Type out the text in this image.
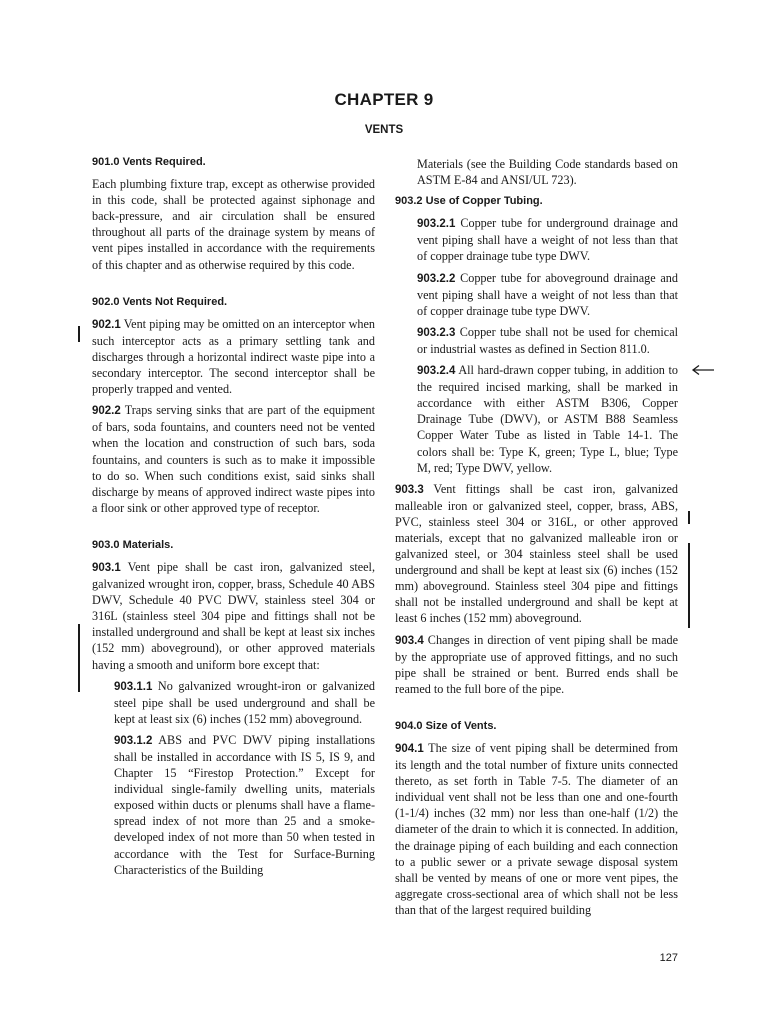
CHAPTER 9
VENTS
901.0 Vents Required.

Each plumbing fixture trap, except as otherwise provided in this code, shall be protected against siphonage and back-pressure, and air circulation shall be ensured throughout all parts of the drainage system by means of vent pipes installed in accordance with the requirements of this chapter and as otherwise required by this code.

902.0 Vents Not Required.

902.1 Vent piping may be omitted on an interceptor when such interceptor acts as a primary settling tank and discharges through a horizontal indirect waste pipe into a secondary interceptor. The second interceptor shall be properly trapped and vented.

902.2 Traps serving sinks that are part of the equipment of bars, soda fountains, and counters need not be vented when the location and construction of such bars, soda fountains, and counters is such as to make it impossible to do so. When such conditions exist, said sinks shall discharge by means of approved indirect waste pipes into a floor sink or other approved type of receptor.

903.0 Materials.

903.1 Vent pipe shall be cast iron, galvanized steel, galvanized wrought iron, copper, brass, Schedule 40 ABS DWV, Schedule 40 PVC DWV, stainless steel 304 or 316L (stainless steel 304 pipe and fittings shall not be installed underground and shall be kept at least six inches (152 mm) aboveground), or other approved materials having a smooth and uniform bore except that:

903.1.1 No galvanized wrought-iron or galvanized steel pipe shall be used underground and shall be kept at least six (6) inches (152 mm) aboveground.

903.1.2 ABS and PVC DWV piping installations shall be installed in accordance with IS 5, IS 9, and Chapter 15 “Firestop Protection.” Except for individual single-family dwelling units, materials exposed within ducts or plenums shall have a flame-spread index of not more than 25 and a smoke-developed index of not more than 50 when tested in accordance with the Test for Surface-Burning Characteristics of the Building

Materials (see the Building Code standards based on ASTM E-84 and ANSI/UL 723).

903.2 Use of Copper Tubing.

903.2.1 Copper tube for underground drainage and vent piping shall have a weight of not less than that of copper drainage tube type DWV.

903.2.2 Copper tube for aboveground drainage and vent piping shall have a weight of not less than that of copper drainage tube type DWV.

903.2.3 Copper tube shall not be used for chemical or industrial wastes as defined in Section 811.0.

903.2.4 All hard-drawn copper tubing, in addition to the required incised marking, shall be marked in accordance with either ASTM B306, Copper Drainage Tube (DWV), or ASTM B88 Seamless Copper Water Tube as listed in Table 14-1. The colors shall be: Type K, green; Type L, blue; Type M, red; Type DWV, yellow.

903.3 Vent fittings shall be cast iron, galvanized malleable iron or galvanized steel, copper, brass, ABS, PVC, stainless steel 304 or 316L, or other approved materials, except that no galvanized malleable iron or galvanized steel, or 304 stainless steel shall be used underground and shall be kept at least six (6) inches (152 mm) aboveground. Stainless steel 304 pipe and fittings shall not be installed underground and shall be kept at least 6 inches (152 mm) aboveground.

903.4 Changes in direction of vent piping shall be made by the appropriate use of approved fittings, and no such pipe shall be strained or bent. Burred ends shall be reamed to the full bore of the pipe.

904.0 Size of Vents.

904.1 The size of vent piping shall be determined from its length and the total number of fixture units connected thereto, as set forth in Table 7-5. The diameter of an individual vent shall not be less than one and one-fourth (1-1/4) inches (32 mm) nor less than one-half (1/2) the diameter of the drain to which it is connected. In addition, the drainage piping of each building and each connection to a public sewer or a private sewage disposal system shall be vented by means of one or more vent pipes, the aggregate cross-sectional area of which shall not be less than that of the largest required building

127
